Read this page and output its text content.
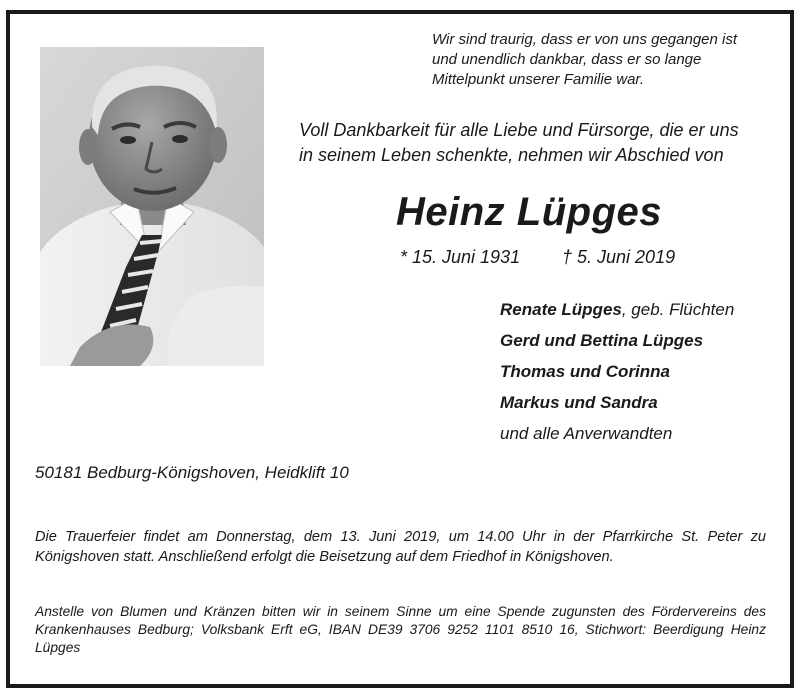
Wir sind traurig, dass er von uns gegangen ist
und unendlich dankbar, dass er so lange
Mittelpunkt unserer Familie war.
Voll Dankbarkeit für alle Liebe und Fürsorge, die er uns
in seinem Leben schenkte, nehmen wir Abschied von
Heinz Lüpges
* 15. Juni 1931 † 5. Juni 2019
Renate Lüpges, geb. Flüchten
Gerd und Bettina Lüpges
Thomas und Corinna
Markus und Sandra
und alle Anverwandten
50181 Bedburg-Königshoven, Heidklift 10
Die Trauerfeier findet am Donnerstag, dem 13. Juni 2019, um 14.00 Uhr in der Pfarrkirche St. Peter zu Königshoven statt. Anschließend erfolgt die Beisetzung auf dem Friedhof in Königshoven.
Anstelle von Blumen und Kränzen bitten wir in seinem Sinne um eine Spende zugunsten des Fördervereins des Krankenhauses Bedburg; Volksbank Erft eG, IBAN DE39 3706 9252 1101 8510 16, Stichwort: Beerdigung Heinz Lüpges
